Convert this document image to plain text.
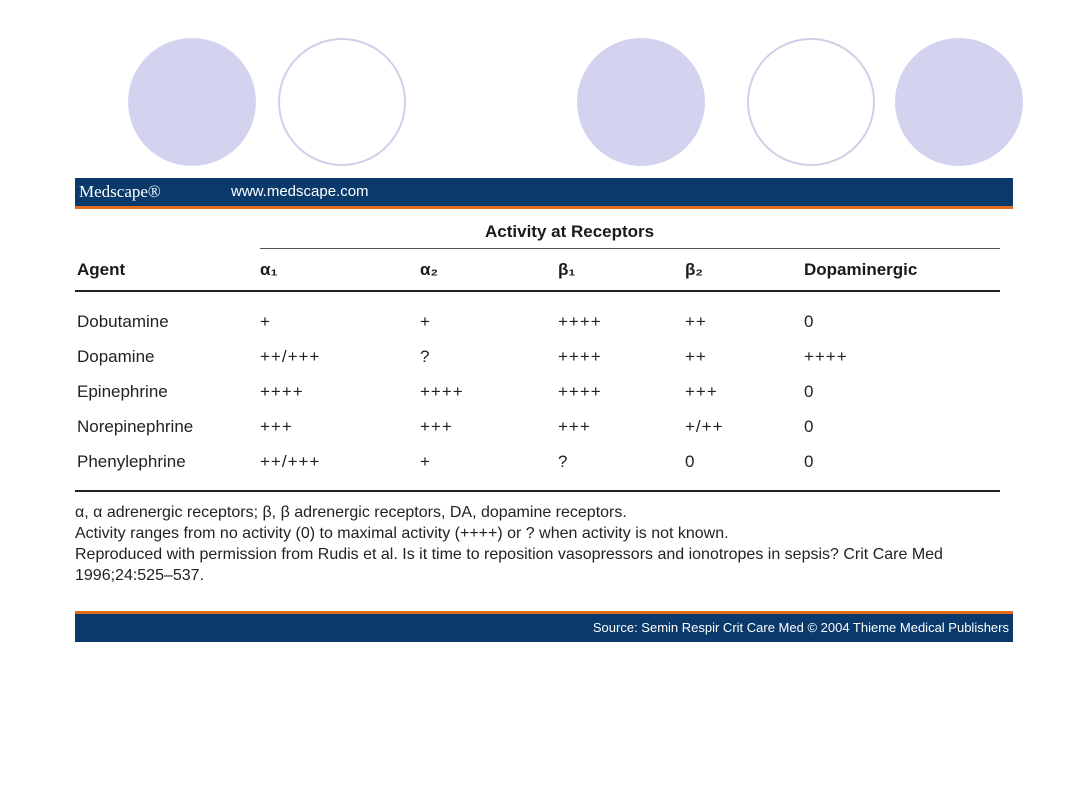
Medscape®	www.medscape.com
Activity at Receptors
Agent	α₁	α₂	β₁	β₂	Dopaminergic
Dobutamine	+	+	++++	++	0
Dopamine	++/+++	?	++++	++	++++
Epinephrine	++++	++++	++++	+++	0
Norepinephrine	+++	+++	+++	+/++	0
Phenylephrine	++/+++	+	?	0	0
α, α adrenergic receptors; β, β adrenergic receptors, DA, dopamine receptors.
Activity ranges from no activity (0) to maximal activity (++++) or ? when activity is not known.
Reproduced with permission from Rudis et al. Is it time to reposition vasopressors and ionotropes in sepsis? Crit Care Med 1996;24:525–537.
Source: Semin Respir Crit Care Med © 2004 Thieme Medical Publishers
